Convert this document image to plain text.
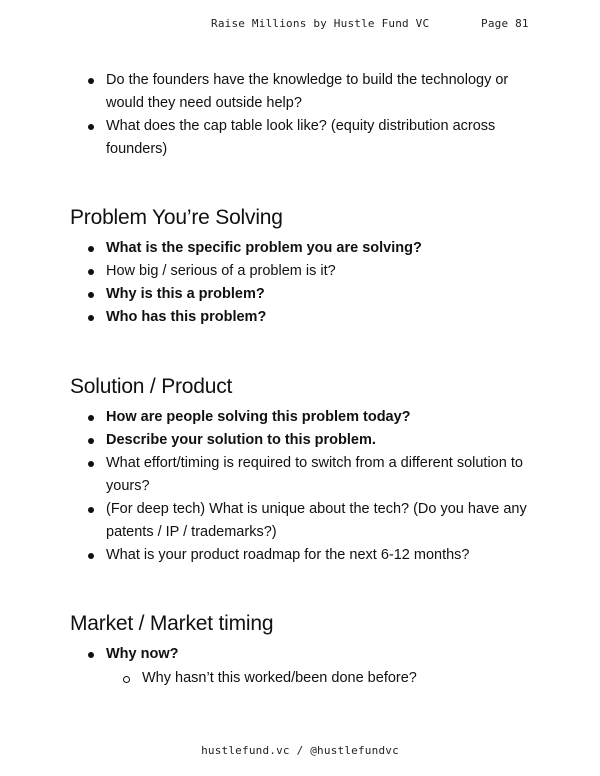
Raise Millions by Hustle Fund VC	Page 81
Do the founders have the knowledge to build the technology or would they need outside help?
What does the cap table look like? (equity distribution across founders)
Problem You’re Solving
What is the specific problem you are solving?
How big / serious of a problem is it?
Why is this a problem?
Who has this problem?
Solution / Product
How are people solving this problem today?
Describe your solution to this problem.
What effort/timing is required to switch from a different solution to yours?
(For deep tech) What is unique about the tech? (Do you have any patents / IP / trademarks?)
What is your product roadmap for the next 6-12 months?
Market / Market timing
Why now?
Why hasn’t this worked/been done before?
hustlefund.vc / @hustlefundvc
